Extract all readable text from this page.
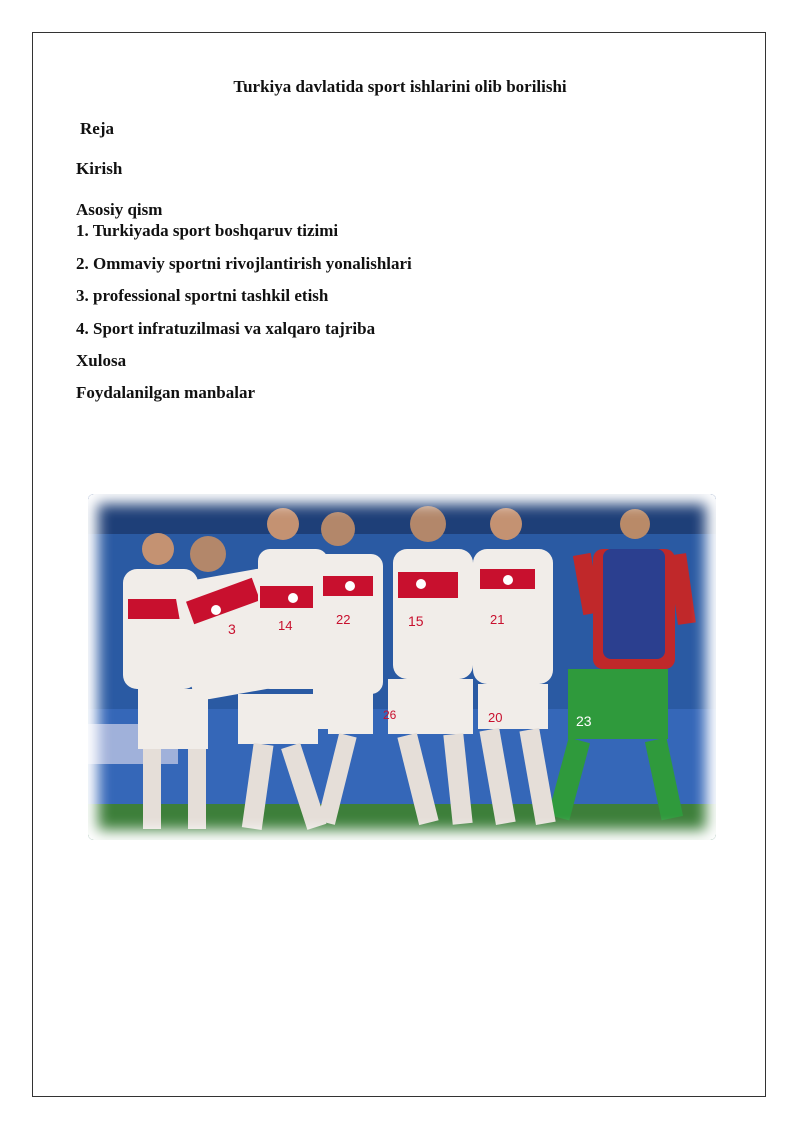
Turkiya davlatida sport ishlarini olib borilishi

Reja

Kirish

Asosiy qism

1. Turkiyada sport boshqaruv tizimi

2. Ommaviy sportni rivojlantirish yonalishlari

3. professional sportni tashkil etish

4. Sport infratuzilmasi va xalqaro tajriba

Xulosa

Foydalanilgan manbalar

23
3	14	22	15
26
21
20
